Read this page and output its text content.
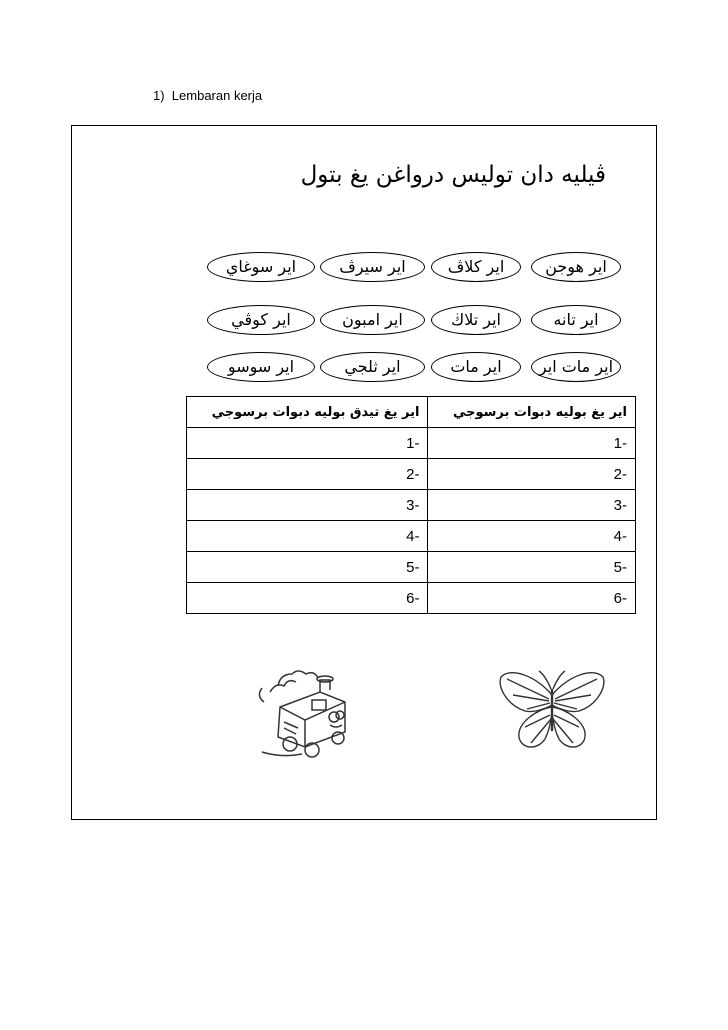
1) Lembaran kerja
ڤيليه دان توليس درواغن يغ بتول
اير هوجن
اير كلاڤ
اير سيرڤ
اير سوغاي
اير تانه
اير تلاڬ
اير امبون
اير كوڤي
اير مات اير
اير مات
اير ثلجي
اير سوسو
اير يغ بوليه دبوات برسوجي	اير يغ تيدق بوليه دبوات برسوجي
-1	-1
-2	-2
-3	-3
-4	-4
-5	-5
-6	-6
